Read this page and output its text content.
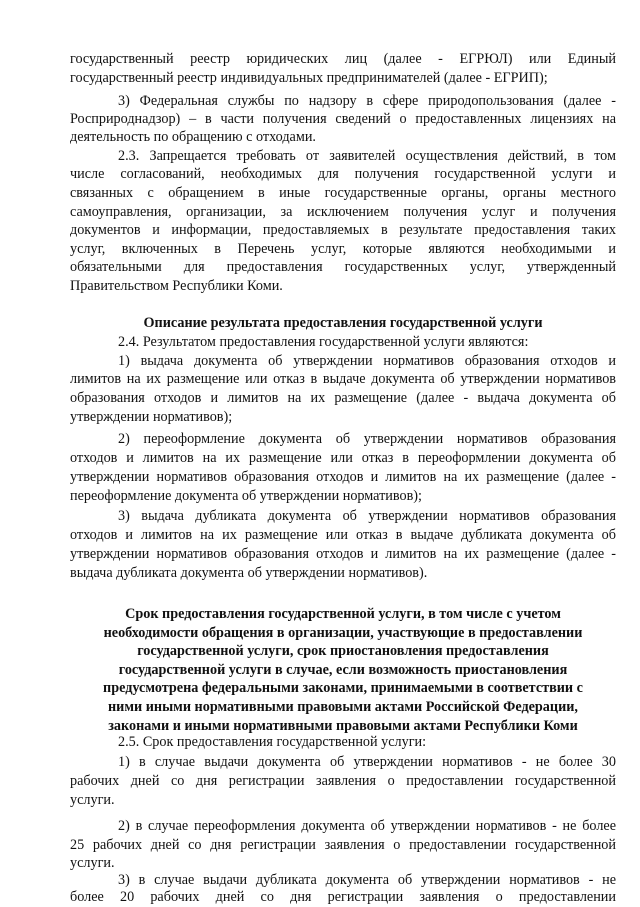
государственный реестр юридических лиц (далее - ЕГРЮЛ) или Единый

государственный реестр индивидуальных предпринимателей (далее - ЕГРИП);

3) Федеральная службы по надзору в сфере природопользования (далее -

Росприроднадзор) – в части получения сведений о предоставленных лицензиях на

деятельность по обращению с отходами.

2.3. Запрещается требовать от заявителей осуществления действий, в том

числе согласований, необходимых для получения государственной услуги и

связанных с обращением в иные государственные органы, органы местного

самоуправления, организации, за исключением получения услуг и получения

документов и информации, предоставляемых в результате предоставления таких

услуг, включенных в Перечень услуг, которые являются необходимыми и

обязательными для предоставления государственных услуг, утвержденный

Правительством Республики Коми.

Описание результата предоставления государственной услуги

2.4. Результатом предоставления государственной услуги являются:

1) выдача документа об утверждении нормативов образования отходов и

лимитов на их размещение или отказ в выдаче документа об утверждении нормативов

образования отходов и лимитов на их размещение (далее - выдача документа об

утверждении нормативов);

2) переоформление документа об утверждении нормативов образования

отходов и лимитов на их размещение или отказ в переоформлении документа об

утверждении нормативов образования отходов и лимитов на их размещение (далее -

переоформление документа об утверждении нормативов);

3) выдача дубликата документа об утверждении нормативов образования

отходов и лимитов на их размещение или отказ в выдаче дубликата документа об

утверждении нормативов образования отходов и лимитов на их размещение (далее -

выдача дубликата документа об утверждении нормативов).

Срок предоставления государственной услуги, в том числе с учетом

необходимости обращения в организации, участвующие в предоставлении

государственной услуги, срок приостановления предоставления

государственной услуги в случае, если возможность приостановления

предусмотрена федеральными законами, принимаемыми в соответствии с

ними иными нормативными правовыми актами Российской Федерации,

законами и иными нормативными правовыми актами Республики Коми

2.5. Срок предоставления государственной услуги:

1) в случае выдачи документа об утверждении нормативов - не более 30

рабочих дней со дня регистрации заявления о предоставлении государственной

услуги.

2) в случае переоформления документа об утверждении нормативов - не более

25 рабочих дней со дня регистрации заявления о предоставлении государственной

услуги.

3) в случае выдачи дубликата документа об утверждении нормативов - не

более 20 рабочих дней со дня регистрации заявления о предоставлении
